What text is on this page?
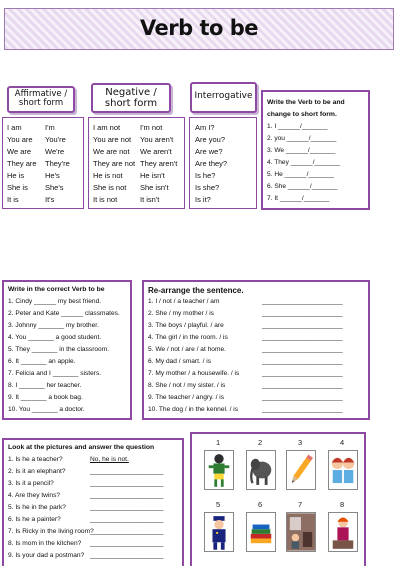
Verb to be
Affirmative /
short form
Negative /
short form
Interrogative
I am	I'm
You are You're
We are We're
They are They're
He is	He's
She is She's
It is	It's
I am not	I'm not
You are not You aren't
We are not We aren't
They are not They aren't
He is not He isn't
She is not She isn't
It is not	It isn't
Am I?
Are you?
Are we?
Are they?
Is he?
Is she?
Is it?
Write the Verb to be and
change to short form.
1. I ______/_______
2. you ______/_______
3. We ______/_______
4. They ______/_______
5. He ______/_______
6. She ______/_______
7. It ______/_______
Write in the correct Verb to be
1. Cindy ______ my best friend.
2. Peter and Kate ______ classmates.
3. Johnny _______ my brother.
4. You _______ a good student.
5. They _______ in the classroom.
6. It _______ an apple.
7. Felicia and I _______ sisters.
8. I _______ her teacher.
9. It _______ a book bag.
10. You _______ a doctor.
Re-arrange the sentence.
1. I / not / a teacher / am
2. She / my mother / is
3. The boys / playful. / are
4. The girl / in the room. / is
5. We / not / are / at home.
6. My dad / smart. / is
7. My mother / a housewife. / is
8. She / not / my sister. / is
9. The teacher / angry. / is
10. The dog / in the kennel. / is
______________________
______________________
______________________
______________________
______________________
______________________
______________________
______________________
______________________
______________________
Look at the pictures and answer the question
1. Is he a teacher?
2. Is it an elephant?
3. Is it a pencil?
4. Are they twins?
5. Is he in the park?
6. Is he a painter?
7. Is Ricky in the living room?
8. Is mom in the kitchen?
9. Is your dad a postman?
No, he is not.
____________________
____________________
____________________
____________________
____________________
____________________
____________________
____________________
1	2	3	4
5	6	7	8
